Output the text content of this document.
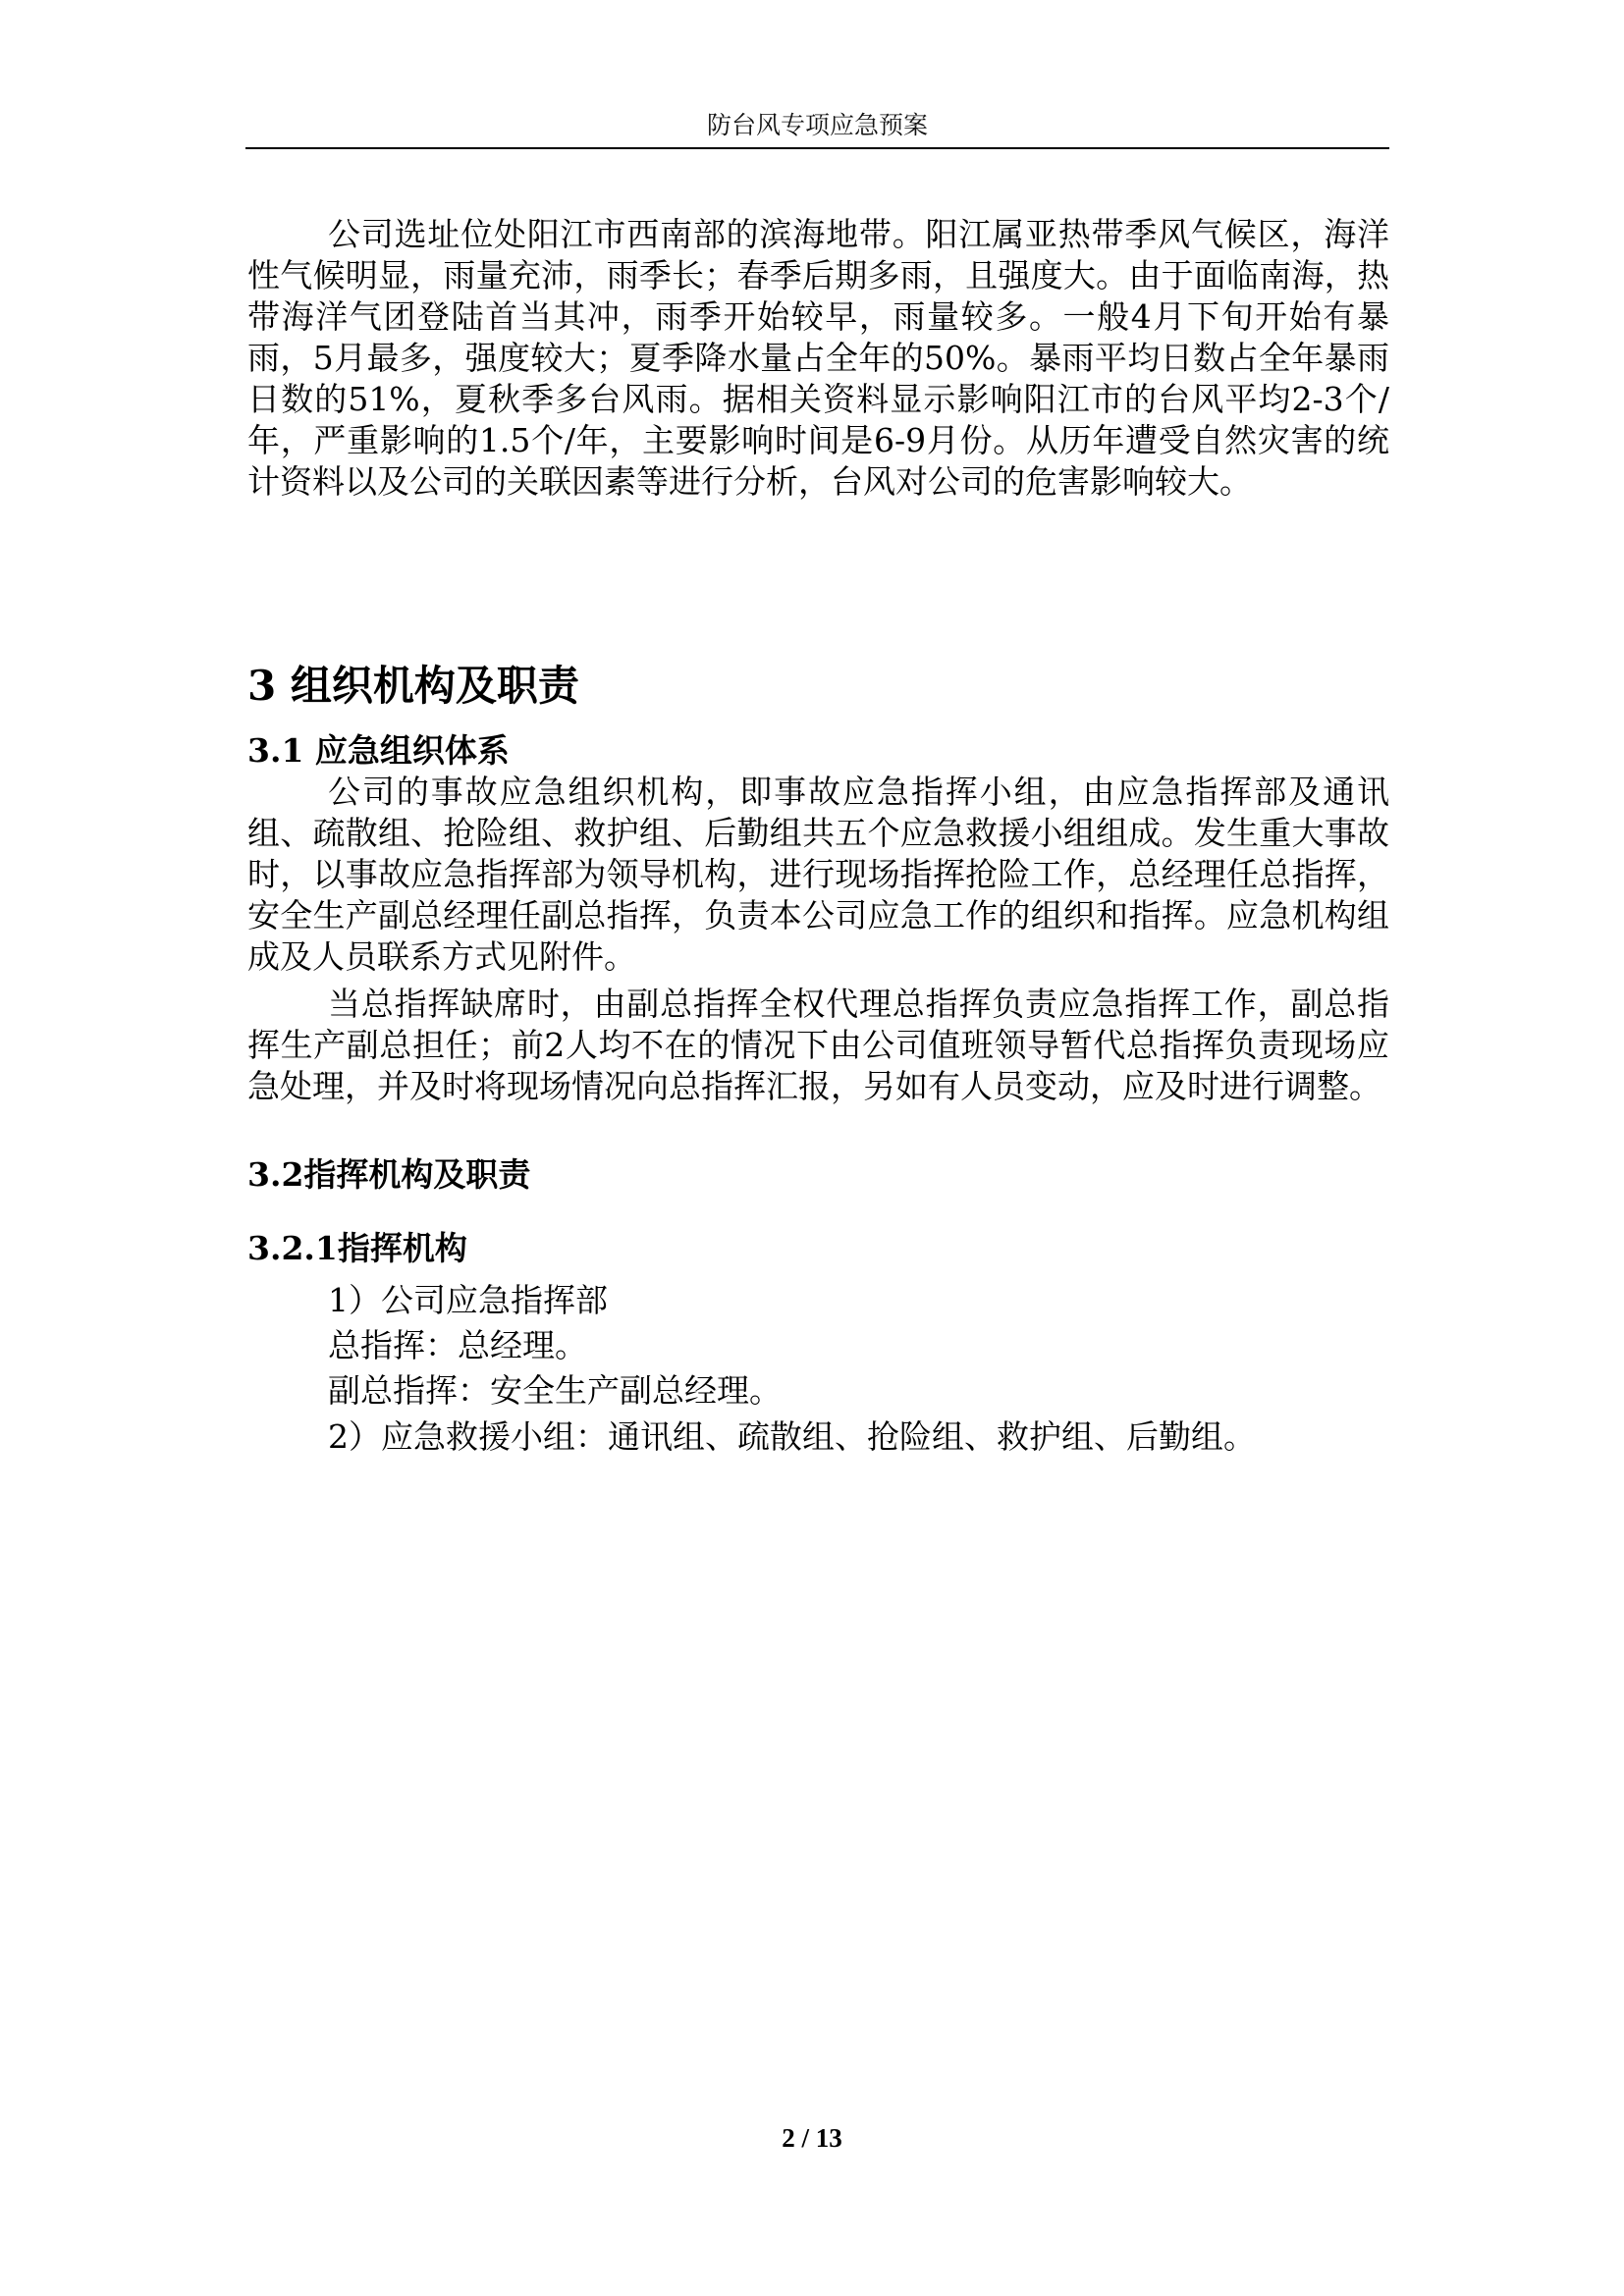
防台风专项应急预案

公司选址位处阳江市西南部的滨海地带。阳江属亚热带季风气候区，海洋性气候明显，雨量充沛，雨季长；春季后期多雨，且强度大。由于面临南海，热带海洋气团登陆首当其冲，雨季开始较早，雨量较多。一般4月下旬开始有暴雨，5月最多，强度较大；夏季降水量占全年的50%。暴雨平均日数占全年暴雨日数的51%，夏秋季多台风雨。据相关资料显示影响阳江市的台风平均2-3个/年，严重影响的1.5个/年，主要影响时间是6-9月份。从历年遭受自然灾害的统计资料以及公司的关联因素等进行分析，台风对公司的危害影响较大。

3 组织机构及职责
3.1 应急组织体系

公司的事故应急组织机构，即事故应急指挥小组，由应急指挥部及通讯组、疏散组、抢险组、救护组、后勤组共五个应急救援小组组成。发生重大事故时，以事故应急指挥部为领导机构，进行现场指挥抢险工作，总经理任总指挥，安全生产副总经理任副总指挥，负责本公司应急工作的组织和指挥。应急机构组成及人员联系方式见附件。

当总指挥缺席时，由副总指挥全权代理总指挥负责应急指挥工作，副总指挥生产副总担任；前2人均不在的情况下由公司值班领导暂代总指挥负责现场应急处理，并及时将现场情况向总指挥汇报，另如有人员变动，应及时进行调整。

3.2指挥机构及职责
3.2.1指挥机构

1）公司应急指挥部

总指挥：总经理。

副总指挥：安全生产副总经理。

2）应急救援小组：通讯组、疏散组、抢险组、救护组、后勤组。

2 / 13
